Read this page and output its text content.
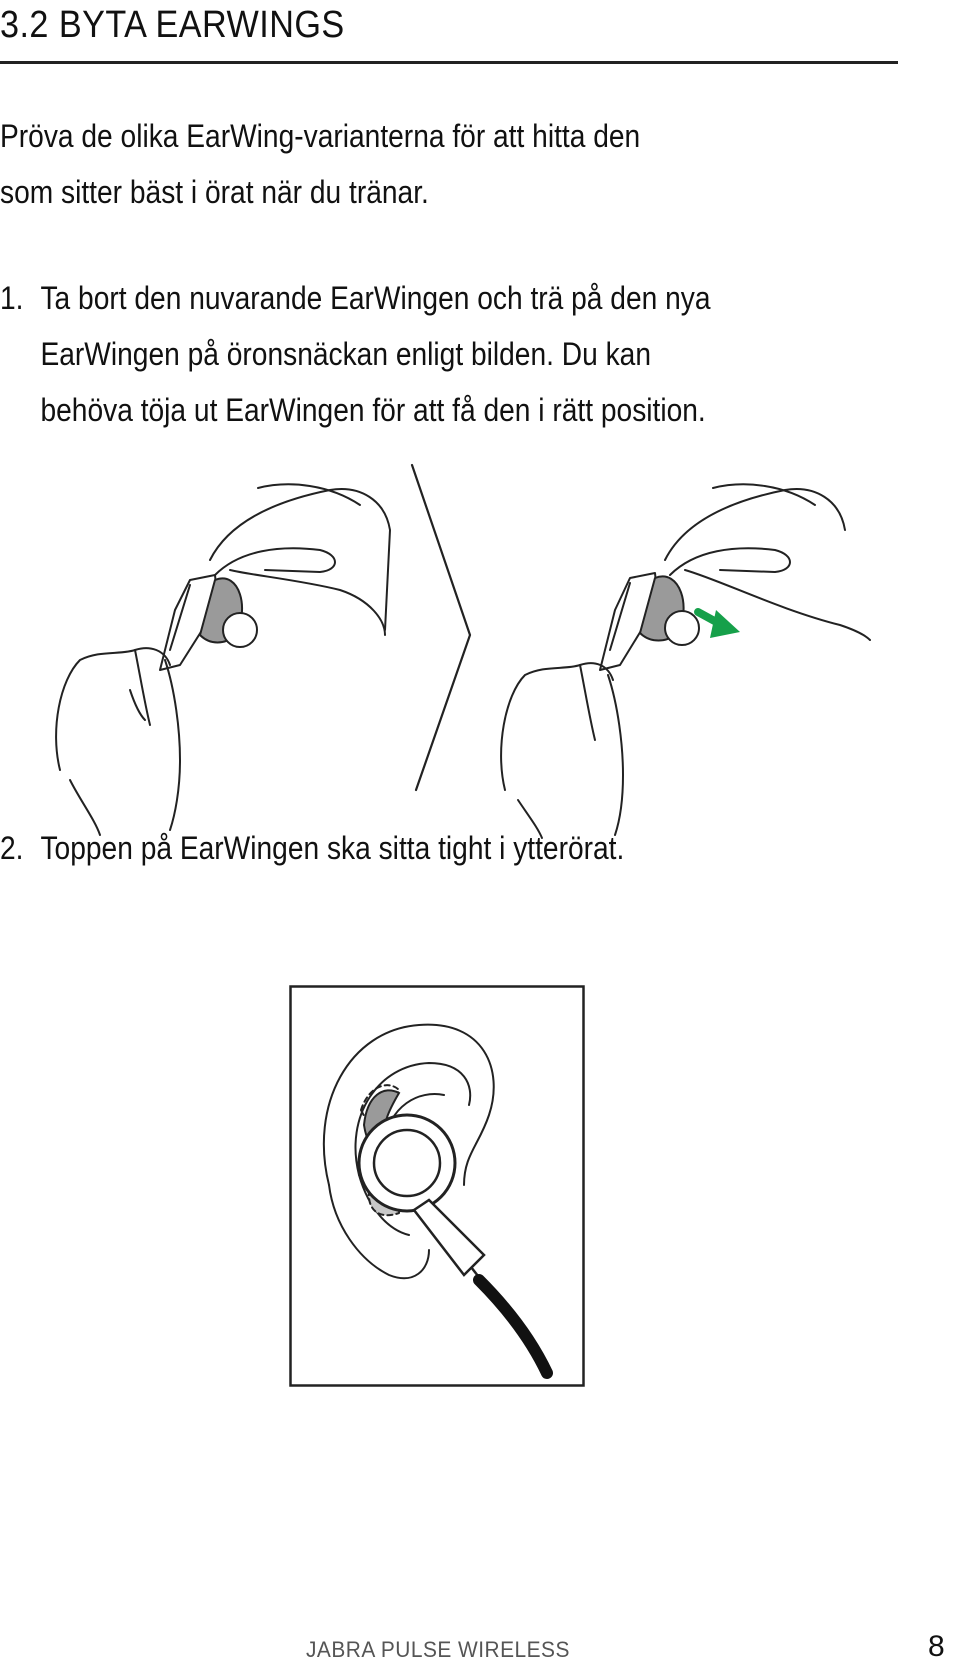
3.2 BYTA EARWINGS

Pröva de olika EarWing-varianterna för att hitta den

som sitter bäst i örat när du tränar.

1. Ta bort den nuvarande EarWingen och trä på den nya
EarWingen på öronsnäckan enligt bilden. Du kan
behöva töja ut EarWingen för att få den i rätt position.
2. Toppen på EarWingen ska sitta tight i ytterörat.
JABRA PULSE WIRELESS	8
